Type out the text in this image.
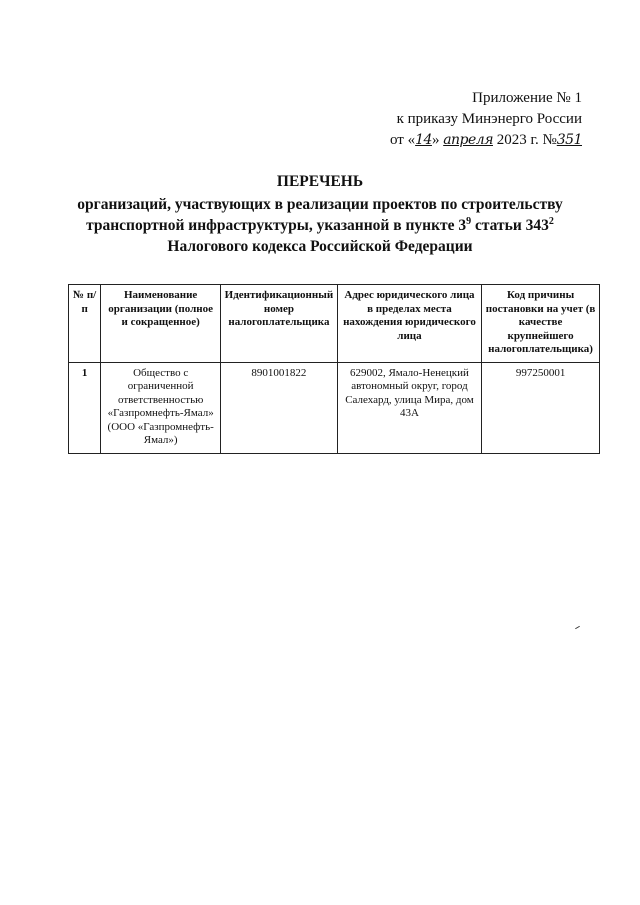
Приложение № 1
к приказу Минэнерго России
от «14» апреля 2023 г. №351
ПЕРЕЧЕНЬ
организаций, участвующих в реализации проектов по строительству
транспортной инфраструктуры, указанной в пункте $3^9$ статьи $343^2$
Налогового кодекса Российской Федерации
№ п/п	Наименование организации (полное и сокращенное)	Идентификационный номер налогоплательщика	Адрес юридического лица в пределах места нахождения юридического лица	Код причины постановки на учет (в качестве крупнейшего налогоплательщика)
1	Общество с ограниченной ответственностью «Газпромнефть-Ямал» (ООО «Газпромнефть-Ямал»)	8901001822	629002, Ямало-Ненецкий автономный округ, город Салехард, улица Мира, дом 43А	997250001
